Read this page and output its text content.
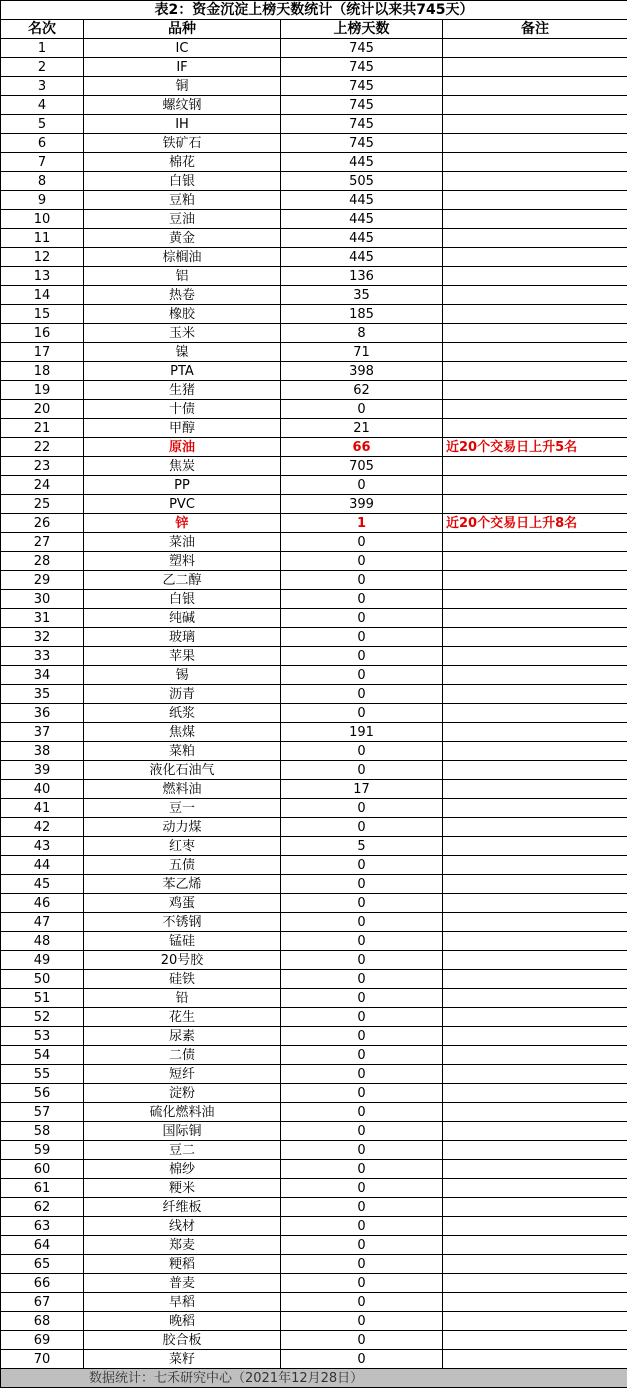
表2：资金沉淀上榜天数统计（统计以来共745天）			
名次	品种	上榜天数	备注
1	IC	745	
2	IF	745	
3	铜	745	
4	螺纹钢	745	
5	IH	745	
6	铁矿石	745	
7	棉花	445	
8	白银	505	
9	豆粕	445	
10	豆油	445	
11	黄金	445	
12	棕榈油	445	
13	铝	136	
14	热卷	35	
15	橡胶	185	
16	玉米	8	
17	镍	71	
18	PTA	398	
19	生猪	62	
20	十债	0	
21	甲醇	21	
22	原油	66	近20个交易日上升5名
23	焦炭	705	
24	PP	0	
25	PVC	399	
26	锌	1	近20个交易日上升8名
27	菜油	0	
28	塑料	0	
29	乙二醇	0	
30	白银	0	
31	纯碱	0	
32	玻璃	0	
33	苹果	0	
34	锡	0	
35	沥青	0	
36	纸浆	0	
37	焦煤	191	
38	菜粕	0	
39	液化石油气	0	
40	燃料油	17	
41	豆一	0	
42	动力煤	0	
43	红枣	5	
44	五债	0	
45	苯乙烯	0	
46	鸡蛋	0	
47	不锈钢	0	
48	锰硅	0	
49	20号胶	0	
50	硅铁	0	
51	铅	0	
52	花生	0	
53	尿素	0	
54	二债	0	
55	短纤	0	
56	淀粉	0	
57	硫化燃料油	0	
58	国际铜	0	
59	豆二	0	
60	棉纱	0	
61	粳米	0	
62	纤维板	0	
63	线材	0	
64	郑麦	0	
65	粳稻	0	
66	普麦	0	
67	早稻	0	
68	晚稻	0	
69	胶合板	0	
70	菜籽	0	
数据统计：七禾研究中心（2021年12月28日）			
